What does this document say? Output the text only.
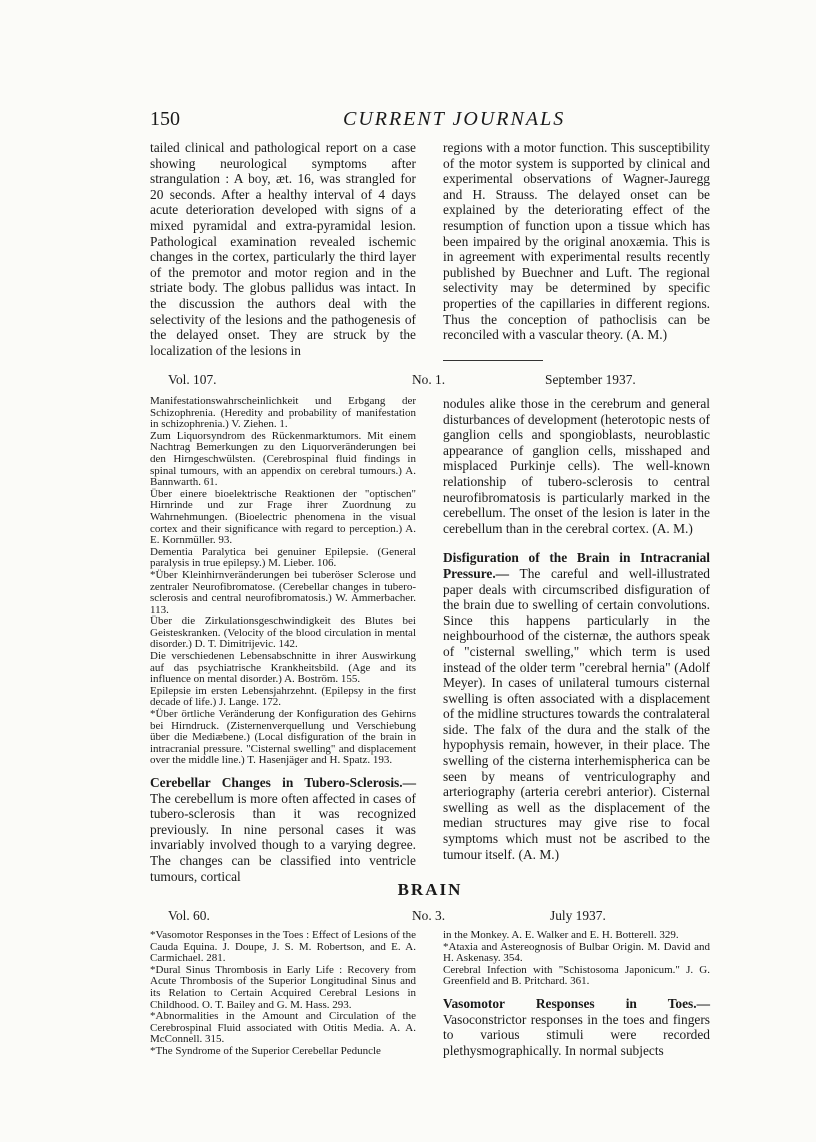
150	CURRENT JOURNALS

tailed clinical and pathological report on a case showing neurological symptoms after strangulation : A boy, æt. 16, was strangled for 20 seconds. After a healthy interval of 4 days acute deterioration developed with signs of a mixed pyramidal and extra-pyramidal lesion. Pathological examination revealed ischemic changes in the cortex, particularly the third layer of the premotor and motor region and in the striate body. The globus pallidus was intact. In the discussion the authors deal with the selectivity of the lesions and the pathogenesis of the delayed onset. They are struck by the localization of the lesions in

regions with a motor function. This susceptibility of the motor system is supported by clinical and experimental observations of Wagner-Jauregg and H. Strauss. The delayed onset can be explained by the deteriorating effect of the resumption of function upon a tissue which has been impaired by the original anoxæmia. This is in agreement with experimental results recently published by Buechner and Luft. The regional selectivity may be determined by specific properties of the capillaries in different regions. Thus the conception of pathoclisis can be reconciled with a vascular theory. (A. M.)

Vol. 107.	No. 1.	September 1937.

Manifestationswahrscheinlichkeit und Erbgang der Schizophrenia. (Heredity and probability of manifestation in schizophrenia.) V. Ziehen. 1.

Zum Liquorsyndrom des Rückenmarktumors. Mit einem Nachtrag Bemerkungen zu den Liquorveränderungen bei den Hirngeschwülsten. (Cerebrospinal fluid findings in spinal tumours, with an appendix on cerebral tumours.) A. Bannwarth. 61.

Über einere bioelektrische Reaktionen der "optischen" Hirnrinde und zur Frage ihrer Zuordnung zu Wahrnehmungen. (Bioelectric phenomena in the visual cortex and their significance with regard to perception.) A. E. Kornmüller. 93.

Dementia Paralytica bei genuiner Epilepsie. (General paralysis in true epilepsy.) M. Lieber. 106.

*Über Kleinhirnveränderungen bei tuberöser Sclerose und zentraler Neurofibromatose. (Cerebellar changes in tubero-sclerosis and central neurofibromatosis.) W. Ammerbacher. 113.

Über die Zirkulationsgeschwindigkeit des Blutes bei Geisteskranken. (Velocity of the blood circulation in mental disorder.) D. T. Dimitrijevic. 142.

Die verschiedenen Lebensabschnitte in ihrer Auswirkung auf das psychiatrische Krankheitsbild. (Age and its influence on mental disorder.) A. Boström. 155.

Epilepsie im ersten Lebensjahrzehnt. (Epilepsy in the first decade of life.) J. Lange. 172.

*Über örtliche Veränderung der Konfiguration des Gehirns bei Hirndruck. (Zisternenverquellung und Verschiebung über die Mediæbene.) (Local disfiguration of the brain in intracranial pressure. "Cisternal swelling" and displacement over the middle line.) T. Hasenjäger and H. Spatz. 193.

Cerebellar Changes in Tubero-Sclerosis.— The cerebellum is more often affected in cases of tubero-sclerosis than it was recognized previously. In nine personal cases it was invariably involved though to a varying degree. The changes can be classified into ventricle tumours, cortical

nodules alike those in the cerebrum and general disturbances of development (heterotopic nests of ganglion cells and spongioblasts, neuroblastic appearance of ganglion cells, misshaped and misplaced Purkinje cells). The well-known relationship of tubero-sclerosis to central neurofibromatosis is particularly marked in the cerebellum. The onset of the lesion is later in the cerebellum than in the cerebral cortex. (A. M.)

Disfiguration of the Brain in Intracranial Pressure.— The careful and well-illustrated paper deals with circumscribed disfiguration of the brain due to swelling of certain convolutions. Since this happens particularly in the neighbourhood of the cisternæ, the authors speak of "cisternal swelling," which term is used instead of the older term "cerebral hernia" (Adolf Meyer). In cases of unilateral tumours cisternal swelling is often associated with a displacement of the midline structures towards the contralateral side. The falx of the dura and the stalk of the hypophysis remain, however, in their place. The swelling of the cisterna interhemispherica can be seen by means of ventriculography and arteriography (arteria cerebri anterior). Cisternal swelling as well as the displacement of the median structures may give rise to focal symptoms which must not be ascribed to the tumour itself. (A. M.)

BRAIN
Vol. 60.	No. 3.	July 1937.

*Vasomotor Responses in the Toes : Effect of Lesions of the Cauda Equina. J. Doupe, J. S. M. Robertson, and E. A. Carmichael. 281.

*Dural Sinus Thrombosis in Early Life : Recovery from Acute Thrombosis of the Superior Longitudinal Sinus and its Relation to Certain Acquired Cerebral Lesions in Childhood. O. T. Bailey and G. M. Hass. 293.

*Abnormalities in the Amount and Circulation of the Cerebrospinal Fluid associated with Otitis Media. A. A. McConnell. 315.

*The Syndrome of the Superior Cerebellar Peduncle

in the Monkey. A. E. Walker and E. H. Botterell. 329.

*Ataxia and Astereognosis of Bulbar Origin. M. David and H. Askenasy. 354.

Cerebral Infection with "Schistosoma Japonicum." J. G. Greenfield and B. Pritchard. 361.

Vasomotor Responses in Toes.— Vasoconstrictor responses in the toes and fingers to various stimuli were recorded plethysmographically. In normal subjects
